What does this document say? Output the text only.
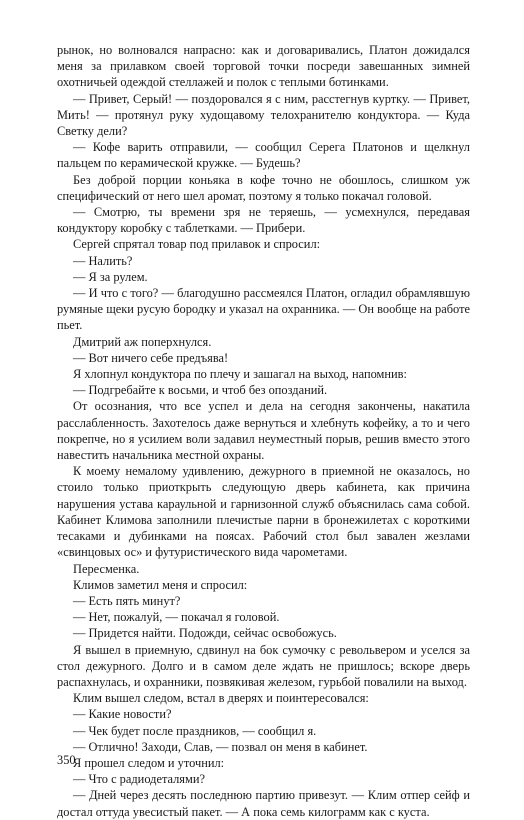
рынок, но волновался напрасно: как и договаривались, Платон дожидался меня за прилавком своей торговой точки посреди завешанных зимней охотничьей одеждой стеллажей и полок с теплыми ботинками.

— Привет, Серый! — поздоровался я с ним, расстегнув куртку. — Привет, Мить! — протянул руку худощавому телохранителю кондуктора. — Куда Светку дели?

— Кофе варить отправили, — сообщил Серега Платонов и щелкнул пальцем по керамической кружке. — Будешь?

Без доброй порции коньяка в кофе точно не обошлось, слишком уж специфический от него шел аромат, поэтому я только покачал головой.

— Смотрю, ты времени зря не теряешь, — усмехнулся, передавая кондуктору коробку с таблетками. — Прибери.

Сергей спрятал товар под прилавок и спросил:

— Налить?

— Я за рулем.

— И что с того? — благодушно рассмеялся Платон, огладил обрамлявшую румяные щеки русую бородку и указал на охранника. — Он вообще на работе пьет.

Дмитрий аж поперхнулся.

— Вот ничего себе предъява!

Я хлопнул кондуктора по плечу и зашагал на выход, напомнив:

— Подгребайте к восьми, и чтоб без опозданий.

От осознания, что все успел и дела на сегодня закончены, накатила расслабленность. Захотелось даже вернуться и хлебнуть кофейку, а то и чего покрепче, но я усилием воли задавил неуместный порыв, решив вместо этого навестить начальника местной охраны.

К моему немалому удивлению, дежурного в приемной не оказалось, но стоило только приоткрыть следующую дверь кабинета, как причина нарушения устава караульной и гарнизонной служб объяснилась сама собой. Кабинет Климова заполнили плечистые парни в бронежилетах с короткими тесаками и дубинками на поясах. Рабочий стол был завален жезлами «свинцовых ос» и футуристического вида чарометами.

Пересменка.

Климов заметил меня и спросил:

— Есть пять минут?

— Нет, пожалуй, — покачал я головой.

— Придется найти. Подожди, сейчас освобожусь.

Я вышел в приемную, сдвинул на бок сумочку с револьвером и уселся за стол дежурного. Долго и в самом деле ждать не пришлось; вскоре дверь распахнулась, и охранники, позвякивая железом, гурьбой повалили на выход.

Клим вышел следом, встал в дверях и поинтересовался:

— Какие новости?

— Чек будет после праздников, — сообщил я.

— Отлично! Заходи, Слав, — позвал он меня в кабинет.

Я прошел следом и уточнил:

— Что с радиодеталями?

— Дней через десять последнюю партию привезут. — Клим отпер сейф и достал оттуда увесистый пакет. — А пока семь килограмм как с куста.

350
